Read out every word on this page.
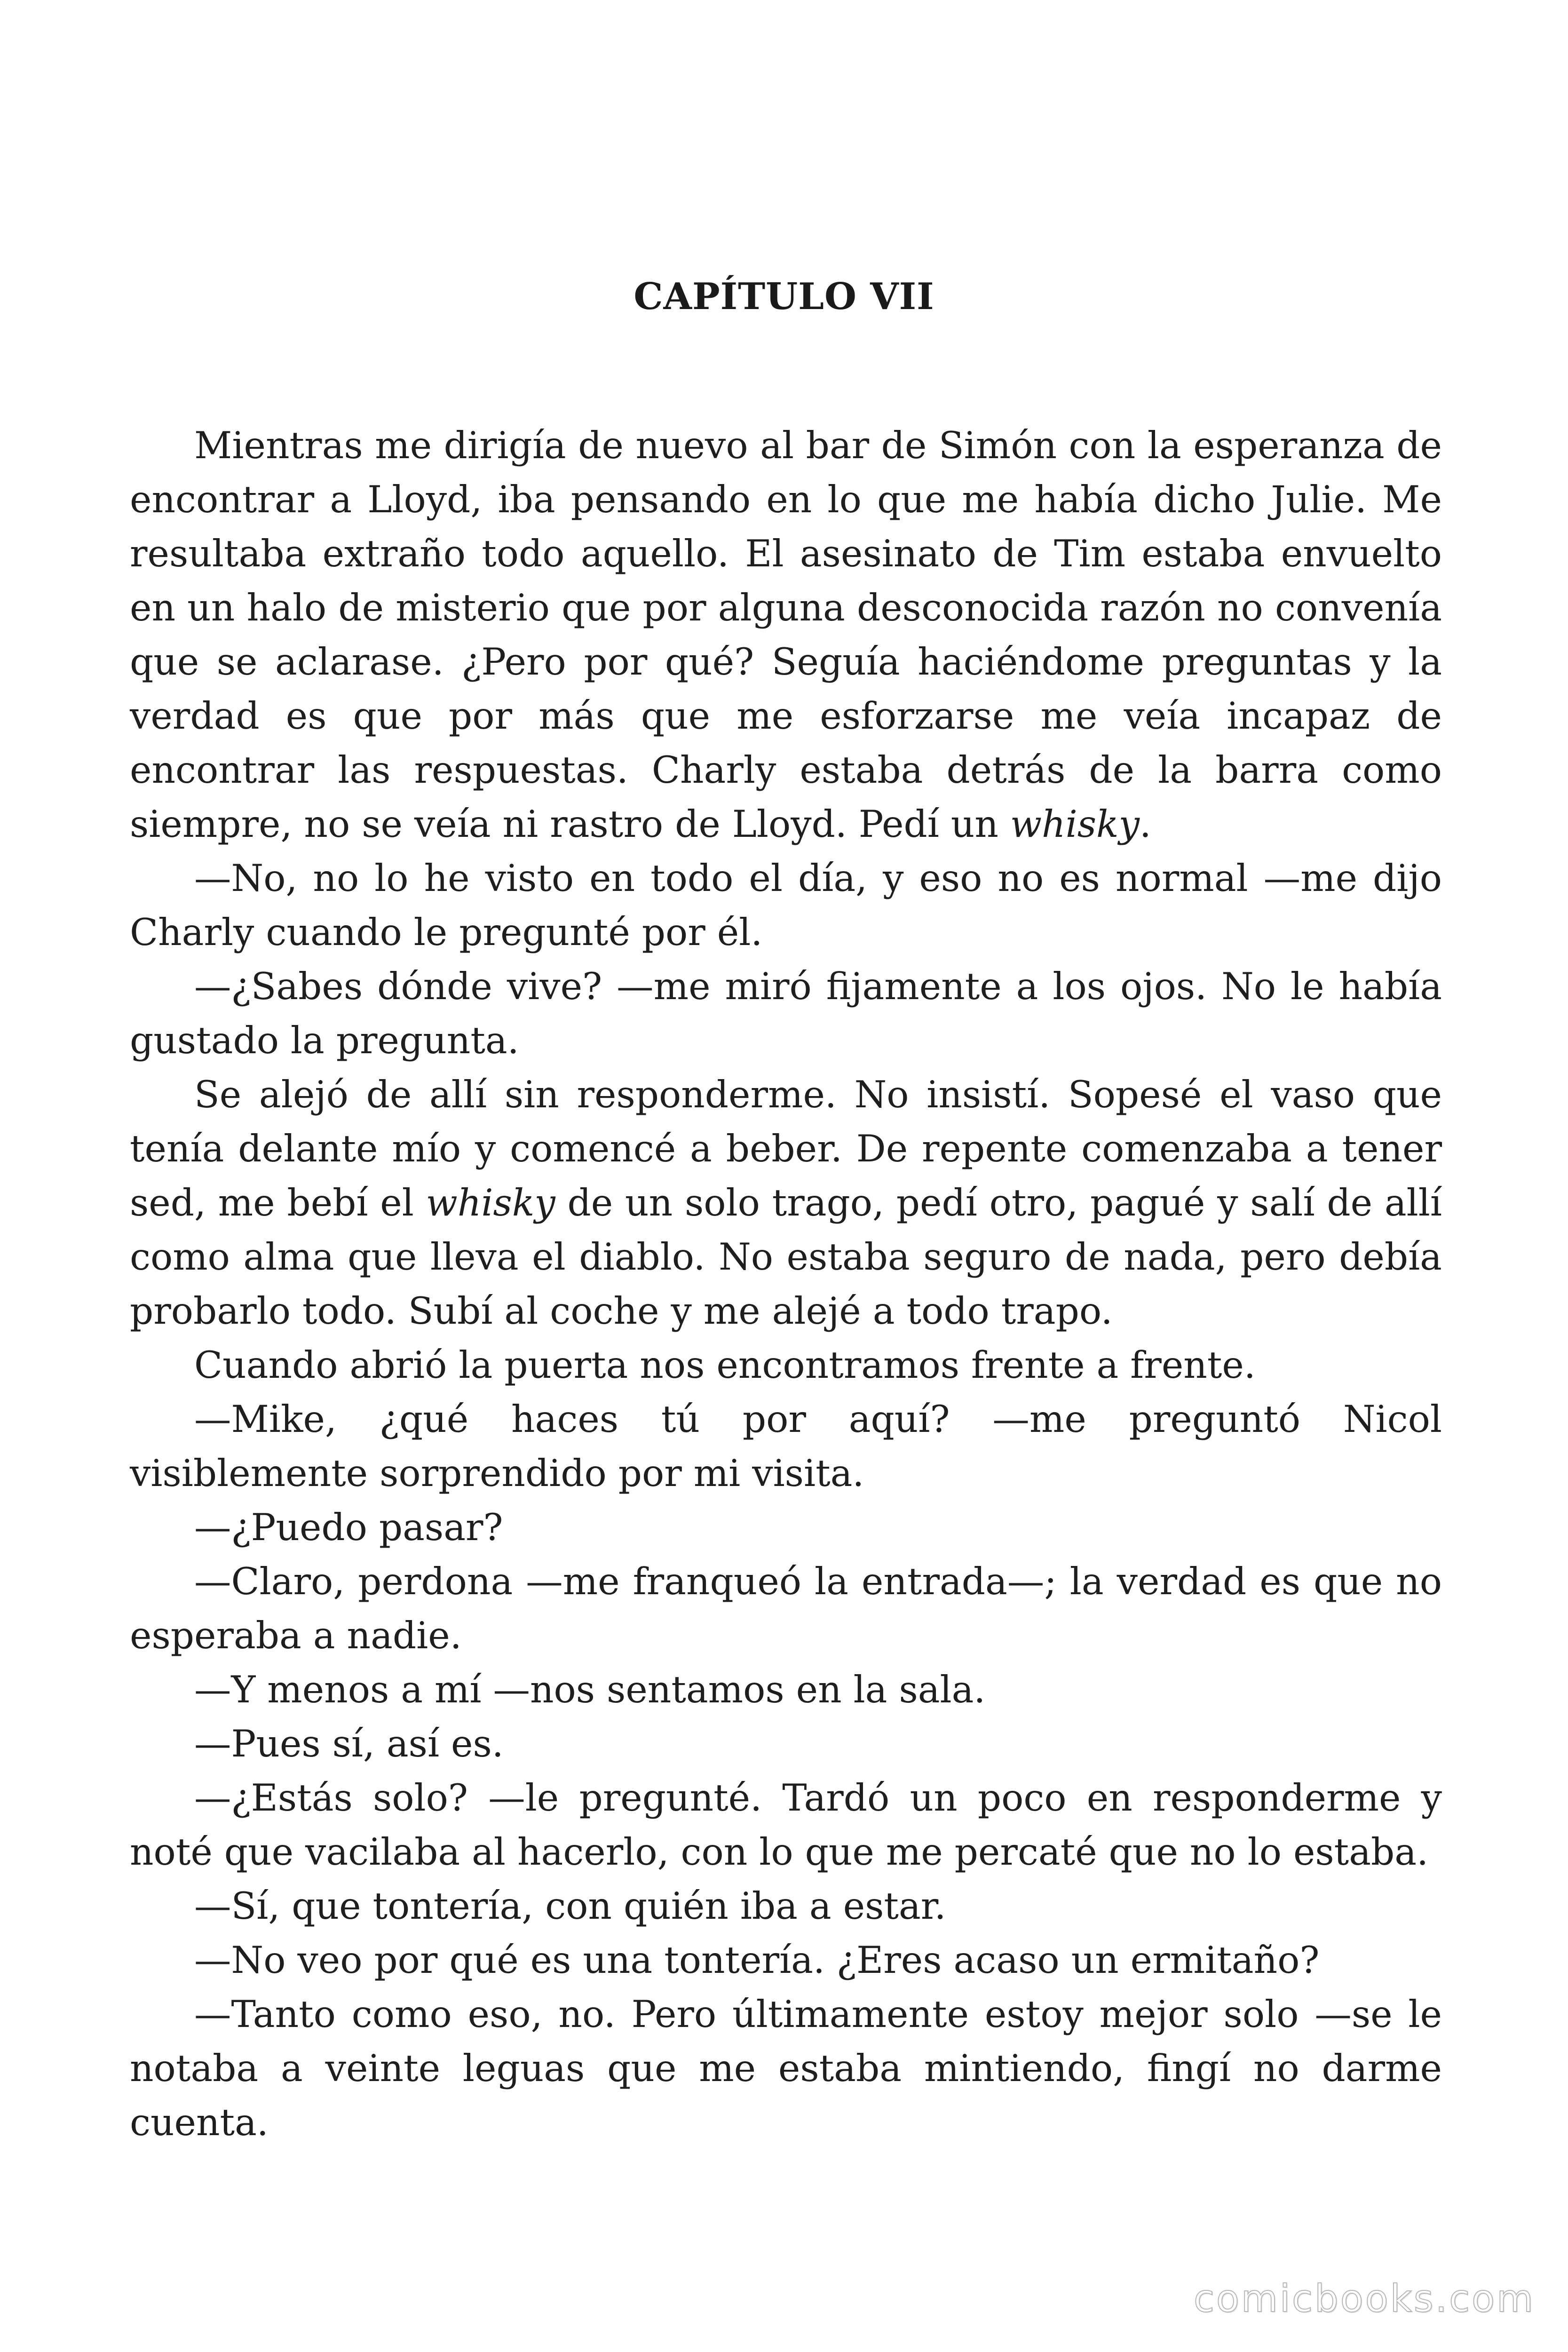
CAPÍTULO VII

Mientras me dirigía de nuevo al bar de Simón con la esperanza de encontrar a Lloyd, iba pensando en lo que me había dicho Julie. Me resultaba extraño todo aquello. El asesinato de Tim estaba envuelto en un halo de misterio que por alguna desconocida razón no convenía que se aclarase. ¿Pero por qué? Seguía haciéndome preguntas y la verdad es que por más que me esforzarse me veía incapaz de encontrar las respuestas. Charly estaba detrás de la barra como siempre, no se veía ni rastro de Lloyd. Pedí un whisky.

—No, no lo he visto en todo el día, y eso no es normal —me dijo Charly cuando le pregunté por él.

—¿Sabes dónde vive? —me miró fijamente a los ojos. No le había gustado la pregunta.

Se alejó de allí sin responderme. No insistí. Sopesé el vaso que tenía delante mío y comencé a beber. De repente comenzaba a tener sed, me bebí el whisky de un solo trago, pedí otro, pagué y salí de allí como alma que lleva el diablo. No estaba seguro de nada, pero debía probarlo todo. Subí al coche y me alejé a todo trapo.

Cuando abrió la puerta nos encontramos frente a frente.

—Mike, ¿qué haces tú por aquí? —me preguntó Nicol visiblemente sorprendido por mi visita.

—¿Puedo pasar?

—Claro, perdona —me franqueó la entrada—; la verdad es que no esperaba a nadie.

—Y menos a mí —nos sentamos en la sala.

—Pues sí, así es.

—¿Estás solo? —le pregunté. Tardó un poco en responderme y noté que vacilaba al hacerlo, con lo que me percaté que no lo estaba.

—Sí, que tontería, con quién iba a estar.

—No veo por qué es una tontería. ¿Eres acaso un ermitaño?

—Tanto como eso, no. Pero últimamente estoy mejor solo —se le notaba a veinte leguas que me estaba mintiendo, fingí no darme cuenta.

comicbooks.com
